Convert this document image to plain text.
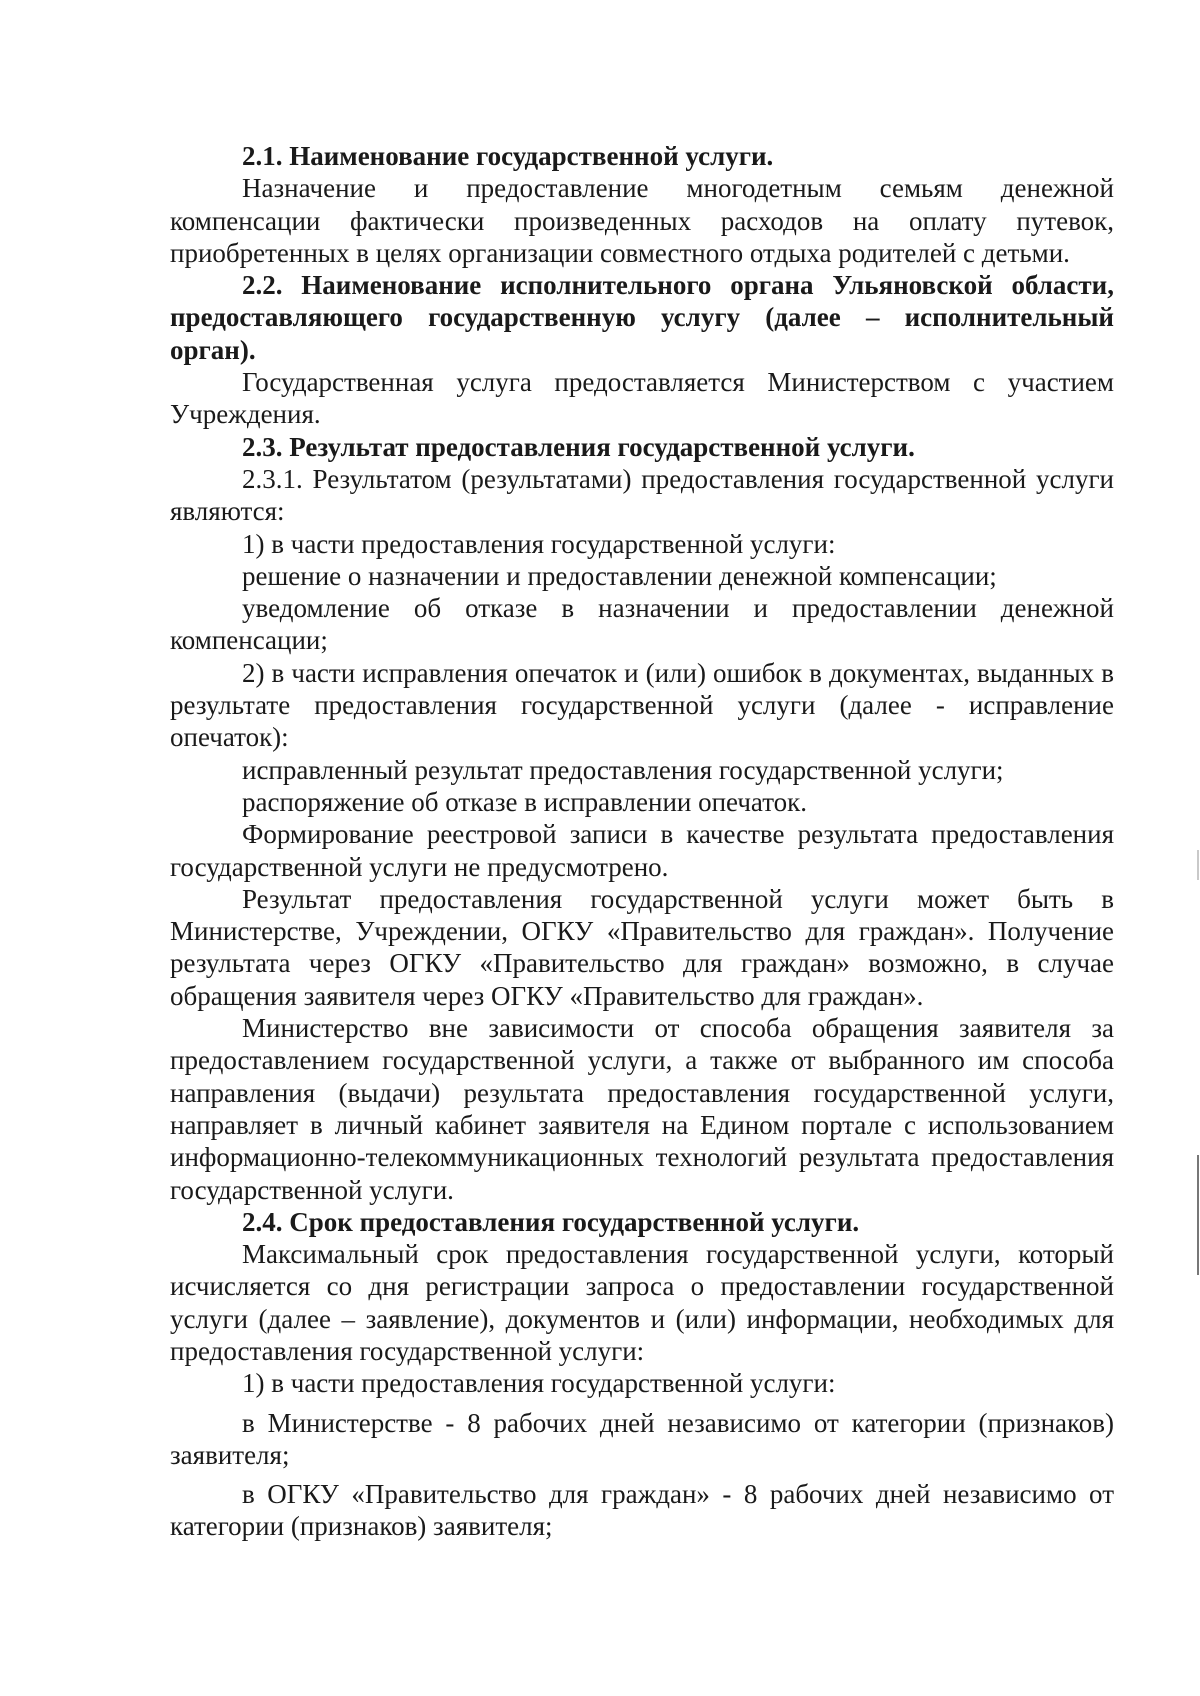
2.1. Наименование государственной услуги.

Назначение и предоставление многодетным семьям денежной компенсации фактически произведенных расходов на оплату путевок, приобретенных в целях организации совместного отдыха родителей с детьми.

2.2. Наименование исполнительного органа Ульяновской области, предоставляющего государственную услугу (далее – исполнительный орган).

Государственная услуга предоставляется Министерством с участием Учреждения.

2.3. Результат предоставления государственной услуги.

2.3.1. Результатом (результатами) предоставления государственной услуги являются:

1) в части предоставления государственной услуги:

решение о назначении и предоставлении денежной компенсации;

уведомление об отказе в назначении и предоставлении денежной компенсации;

2) в части исправления опечаток и (или) ошибок в документах, выданных в результате предоставления государственной услуги (далее - исправление опечаток):

исправленный результат предоставления государственной услуги;

распоряжение об отказе в исправлении опечаток.

Формирование реестровой записи в качестве результата предоставления государственной услуги не предусмотрено.

Результат предоставления государственной услуги может быть в Министерстве, Учреждении, ОГКУ «Правительство для граждан». Получение результата через ОГКУ «Правительство для граждан» возможно, в случае обращения заявителя через ОГКУ «Правительство для граждан».

Министерство вне зависимости от способа обращения заявителя за предоставлением государственной услуги, а также от выбранного им способа направления (выдачи) результата предоставления государственной услуги, направляет в личный кабинет заявителя на Едином портале с использованием информационно-телекоммуникационных технологий результата предоставления государственной услуги.

2.4. Срок предоставления государственной услуги.

Максимальный срок предоставления государственной услуги, который исчисляется со дня регистрации запроса о предоставлении государственной услуги (далее – заявление), документов и (или) информации, необходимых для предоставления государственной услуги:

1) в части предоставления государственной услуги:

в Министерстве - 8 рабочих дней независимо от категории (признаков) заявителя;

в ОГКУ «Правительство для граждан» - 8 рабочих дней независимо от категории (признаков) заявителя;
